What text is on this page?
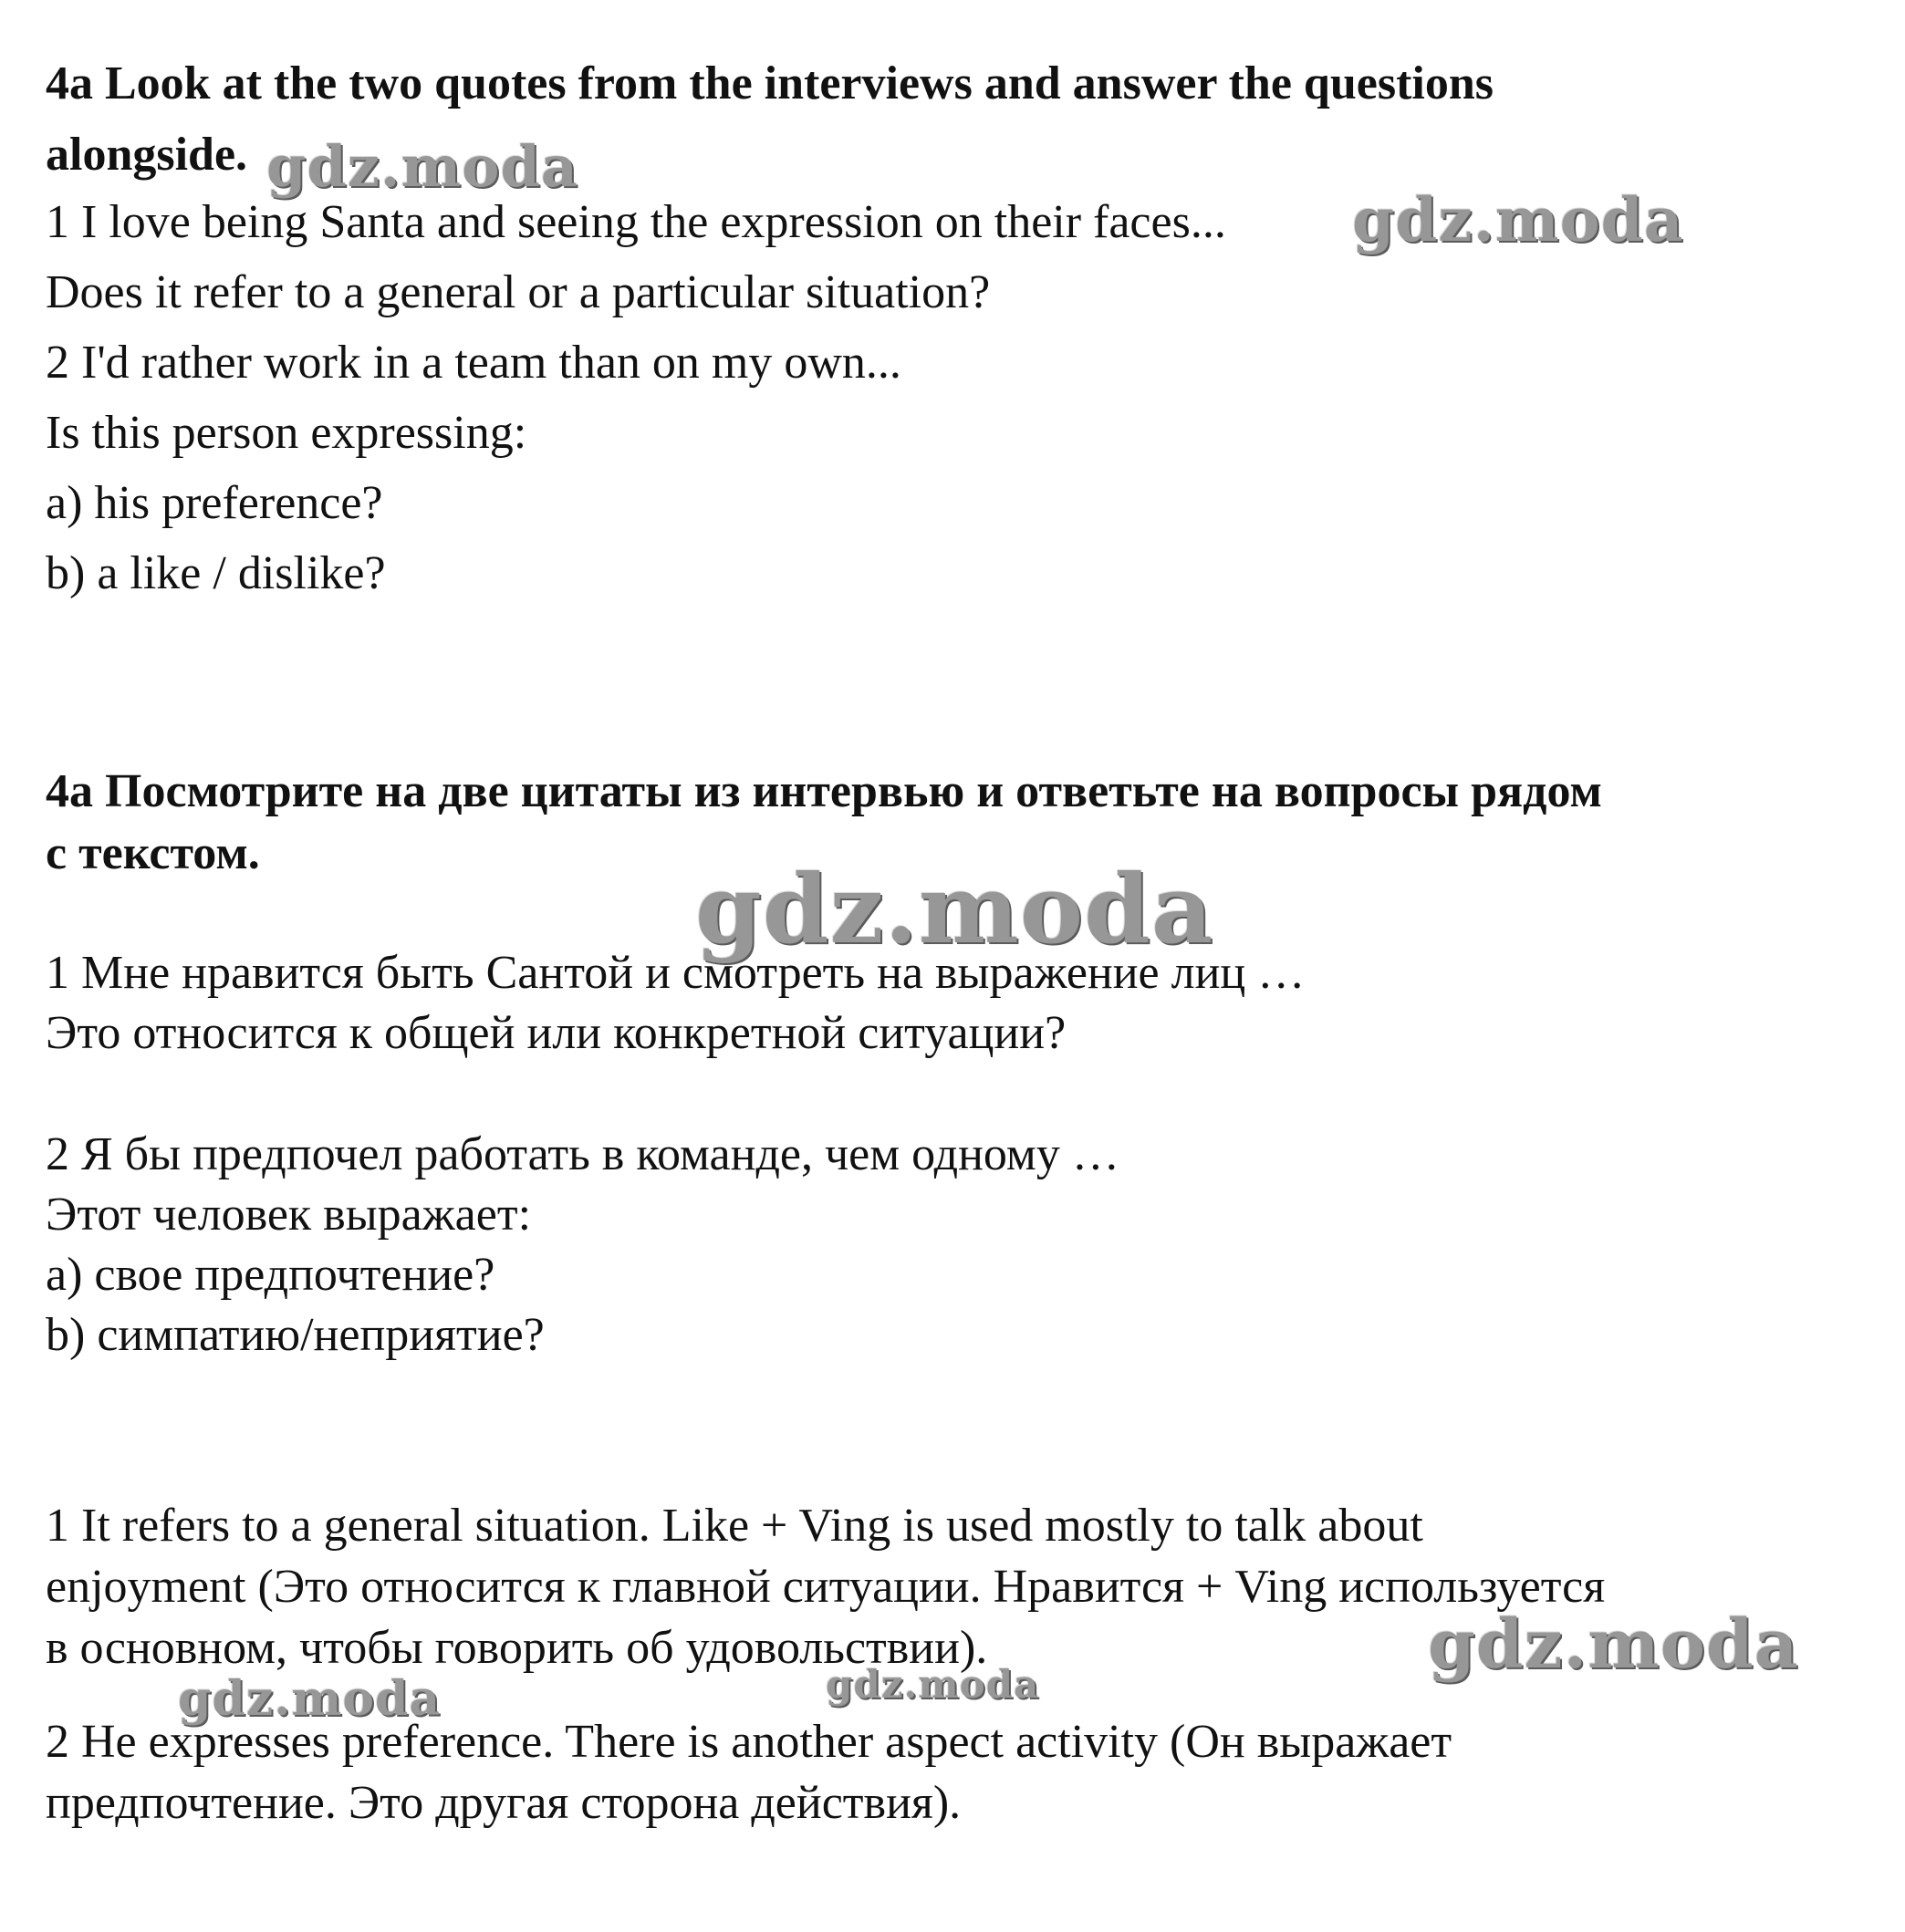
4a Look at the two quotes from the interviews and answer the questions

alongside.

1 I love being Santa and seeing the expression on their faces...

Does it refer to a general or a particular situation?

2 I'd rather work in a team than on my own...

Is this person expressing:

a) his preference?

b) a like / dislike?

4a Посмотрите на две цитаты из интервью и ответьте на вопросы рядом

с текстом.

1 Мне нравится быть Сантой и смотреть на выражение лиц …

Это относится к общей или конкретной ситуации?

2 Я бы предпочел работать в команде, чем одному …

Этот человек выражает:

а) свое предпочтение?

b) симпатию/неприятие?

1 It refers to a general situation. Like + Ving is used mostly to talk about

enjoyment (Это относится к главной ситуации. Нравится + Ving используется

в основном, чтобы говорить об удовольствии).

2 He expresses preference. There is another aspect activity (Он выражает

предпочтение. Это другая сторона действия).

gdz.moda
gdz.moda
gdz.moda
gdz.moda
gdz.moda	gdz.moda
